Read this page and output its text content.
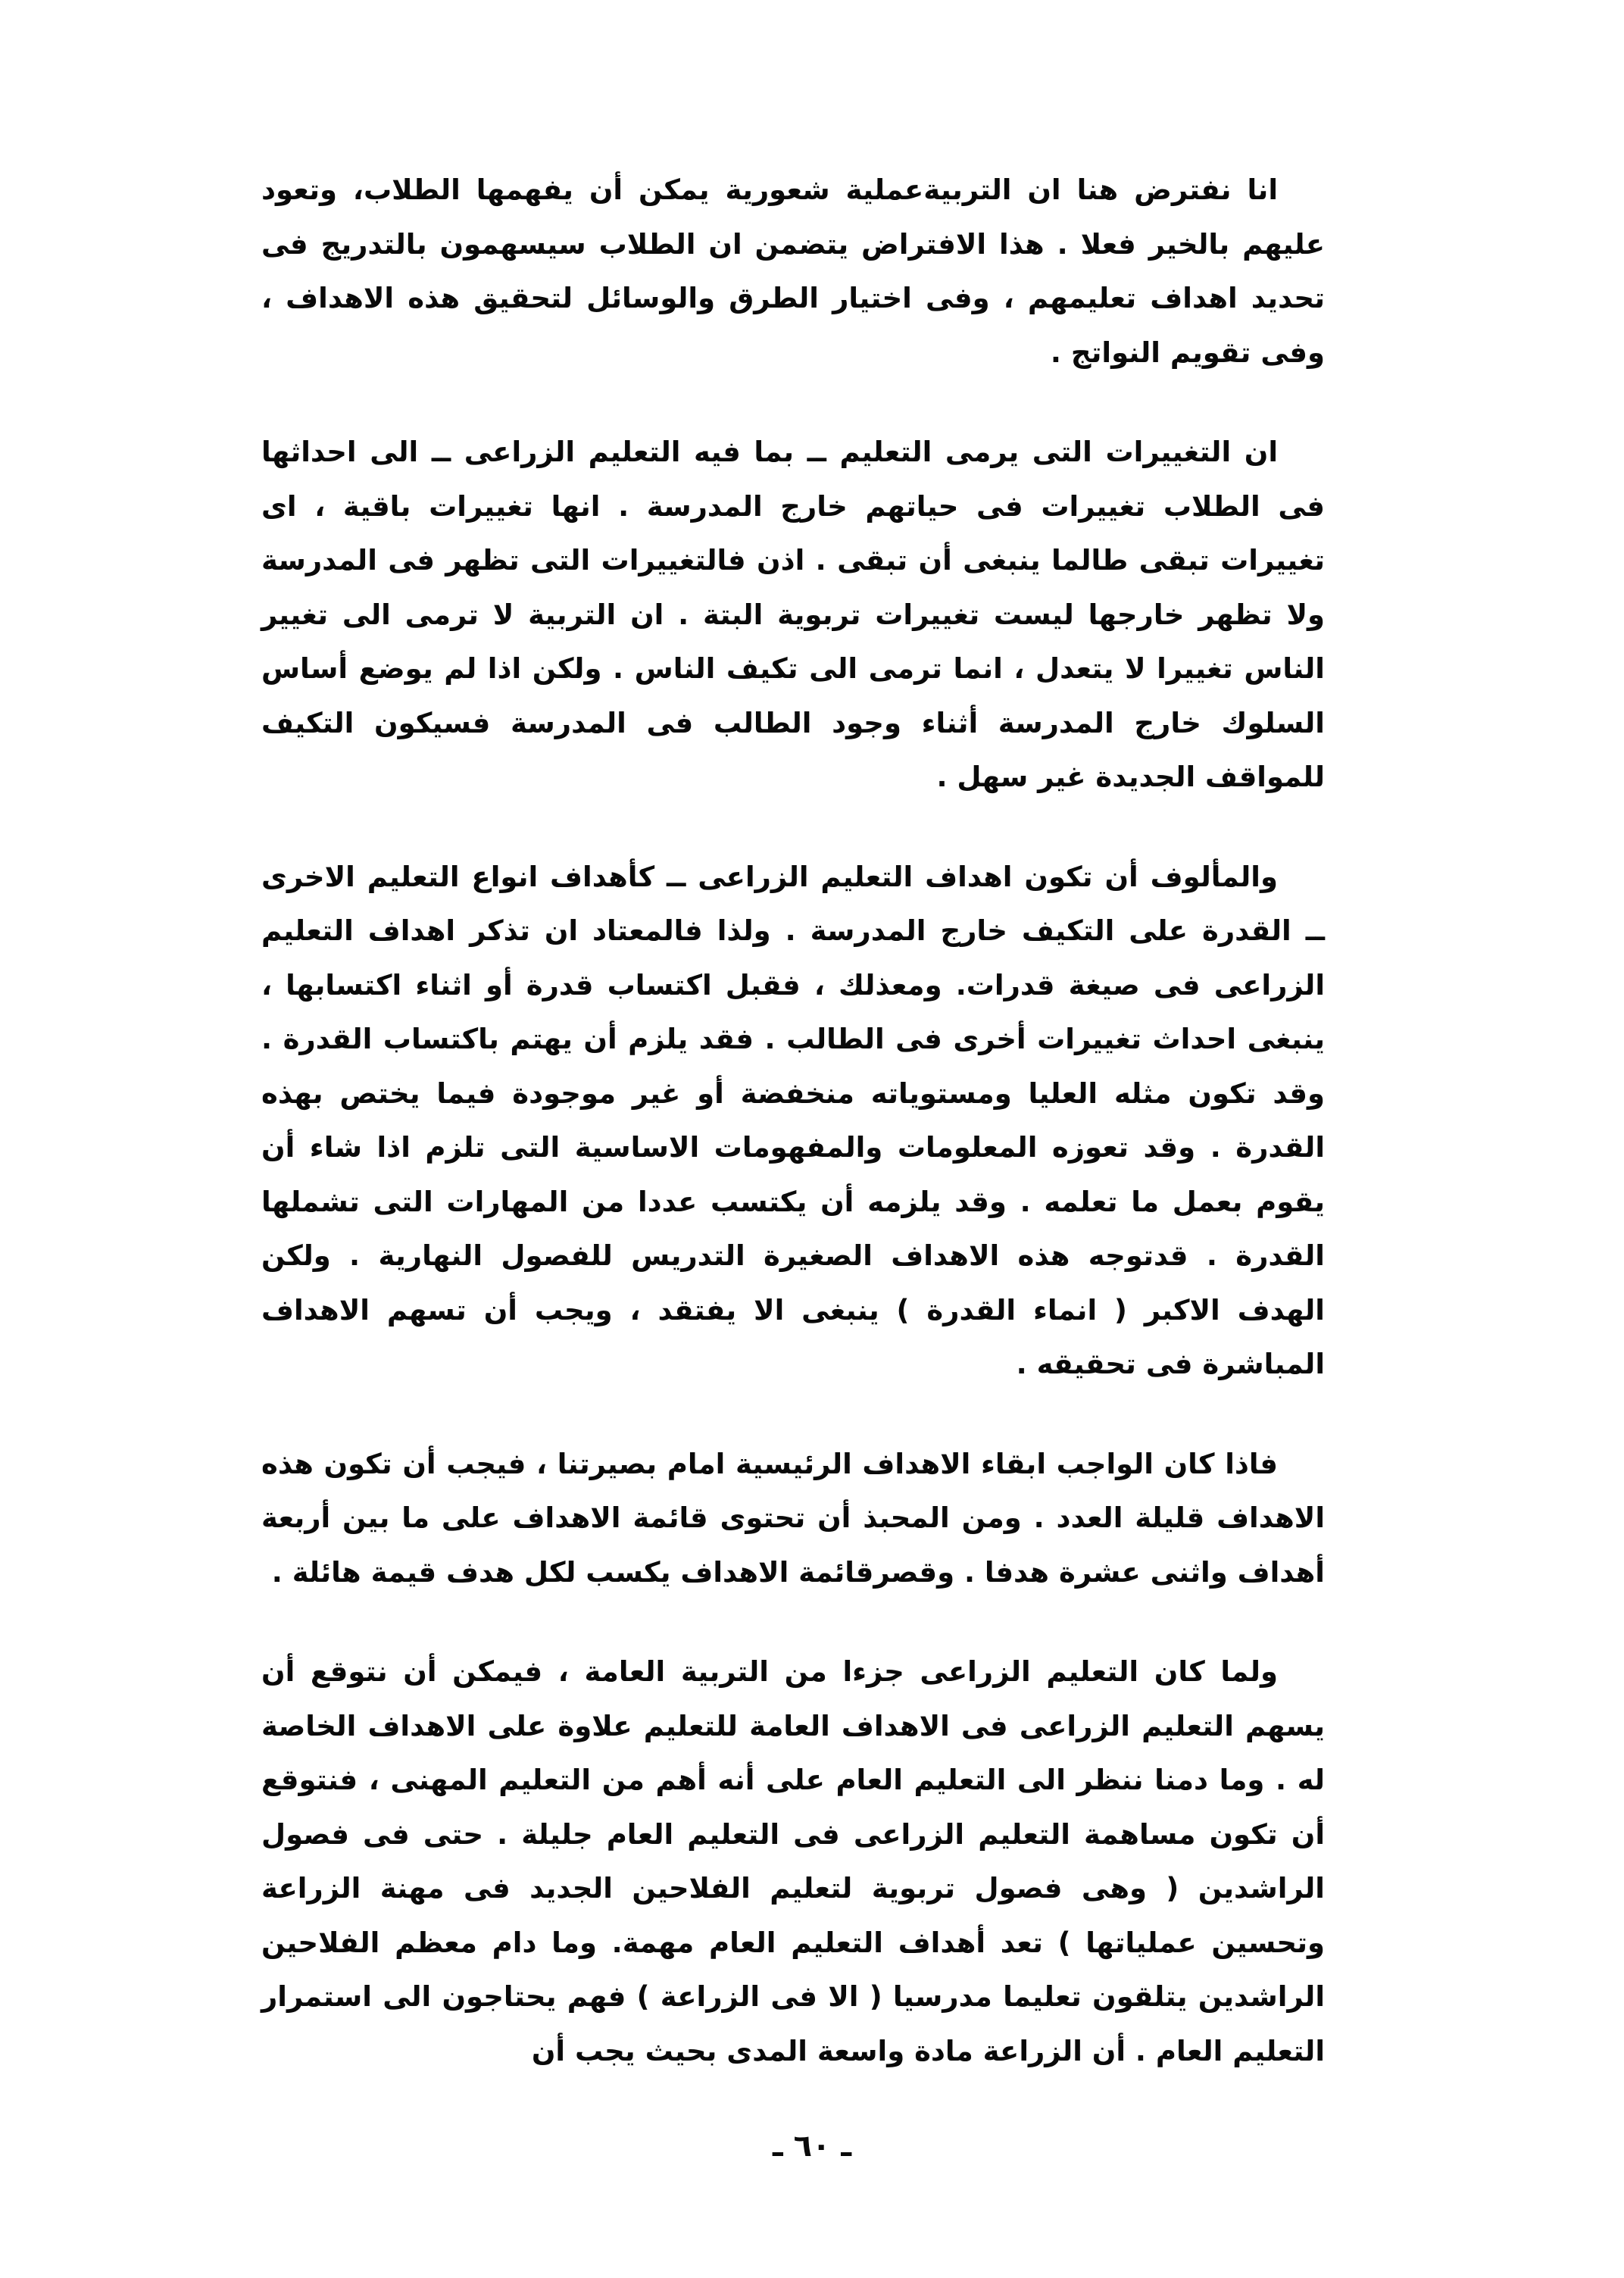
انا نفترض هنا ان التربيةعملية شعورية يمكن أن يفهمها الطلاب، وتعود عليهم بالخير فعلا . هذا الافتراض يتضمن ان الطلاب سيسهمون بالتدريج فى تحديد اهداف تعليمهم ، وفى اختيار الطرق والوسائل لتحقيق هذه الاهداف ، وفى تقويم النواتج .

ان التغييرات التى يرمى التعليم ــ بما فيه التعليم الزراعى ــ الى احداثها فى الطلاب تغييرات فى حياتهم خارج المدرسة . انها تغييرات باقية ، اى تغييرات تبقى طالما ينبغى أن تبقى . اذن فالتغييرات التى تظهر فى المدرسة ولا تظهر خارجها ليست تغييرات تربوية البتة . ان التربية لا ترمى الى تغيير الناس تغييرا لا يتعدل ، انما ترمى الى تكيف الناس . ولكن اذا لم يوضع أساس السلوك خارج المدرسة أثناء وجود الطالب فى المدرسة فسيكون التكيف للمواقف الجديدة غير سهل .

والمألوف أن تكون اهداف التعليم الزراعى ــ كأهداف انواع التعليم الاخرى ــ القدرة على التكيف خارج المدرسة . ولذا فالمعتاد ان تذكر اهداف التعليم الزراعى فى صيغة قدرات. ومعذلك ، فقبل اكتساب قدرة أو اثناء اكتسابها ، ينبغى احداث تغييرات أخرى فى الطالب . فقد يلزم أن يهتم باكتساب القدرة . وقد تكون مثله العليا ومستوياته منخفضة أو غير موجودة فيما يختص بهذه القدرة . وقد تعوزه المعلومات والمفهومات الاساسية التى تلزم اذا شاء أن يقوم بعمل ما تعلمه . وقد يلزمه أن يكتسب عددا من المهارات التى تشملها القدرة . قدتوجه هذه الاهداف الصغيرة التدريس للفصول النهارية . ولكن الهدف الاكبر ( انماء القدرة ) ينبغى الا يفتقد ، ويجب أن تسهم الاهداف المباشرة فى تحقيقه .

فاذا كان الواجب ابقاء الاهداف الرئيسية امام بصيرتنا ، فيجب أن تكون هذه الاهداف قليلة العدد . ومن المحبذ أن تحتوى قائمة الاهداف على ما بين أربعة أهداف واثنى عشرة هدفا . وقصرقائمة الاهداف يكسب لكل هدف قيمة هائلة .

ولما كان التعليم الزراعى جزءا من التربية العامة ، فيمكن أن نتوقع أن يسهم التعليم الزراعى فى الاهداف العامة للتعليم علاوة على الاهداف الخاصة له . وما دمنا ننظر الى التعليم العام على أنه أهم من التعليم المهنى ، فنتوقع أن تكون مساهمة التعليم الزراعى فى التعليم العام جليلة . حتى فى فصول الراشدين ( وهى فصول تربوية لتعليم الفلاحين الجديد فى مهنة الزراعة وتحسين عملياتها ) تعد أهداف التعليم العام مهمة. وما دام معظم الفلاحين الراشدين يتلقون تعليما مدرسيا ( الا فى الزراعة ) فهم يحتاجون الى استمرار التعليم العام . أن الزراعة مادة واسعة المدى بحيث يجب أن

ـ ٦٠ ـ
